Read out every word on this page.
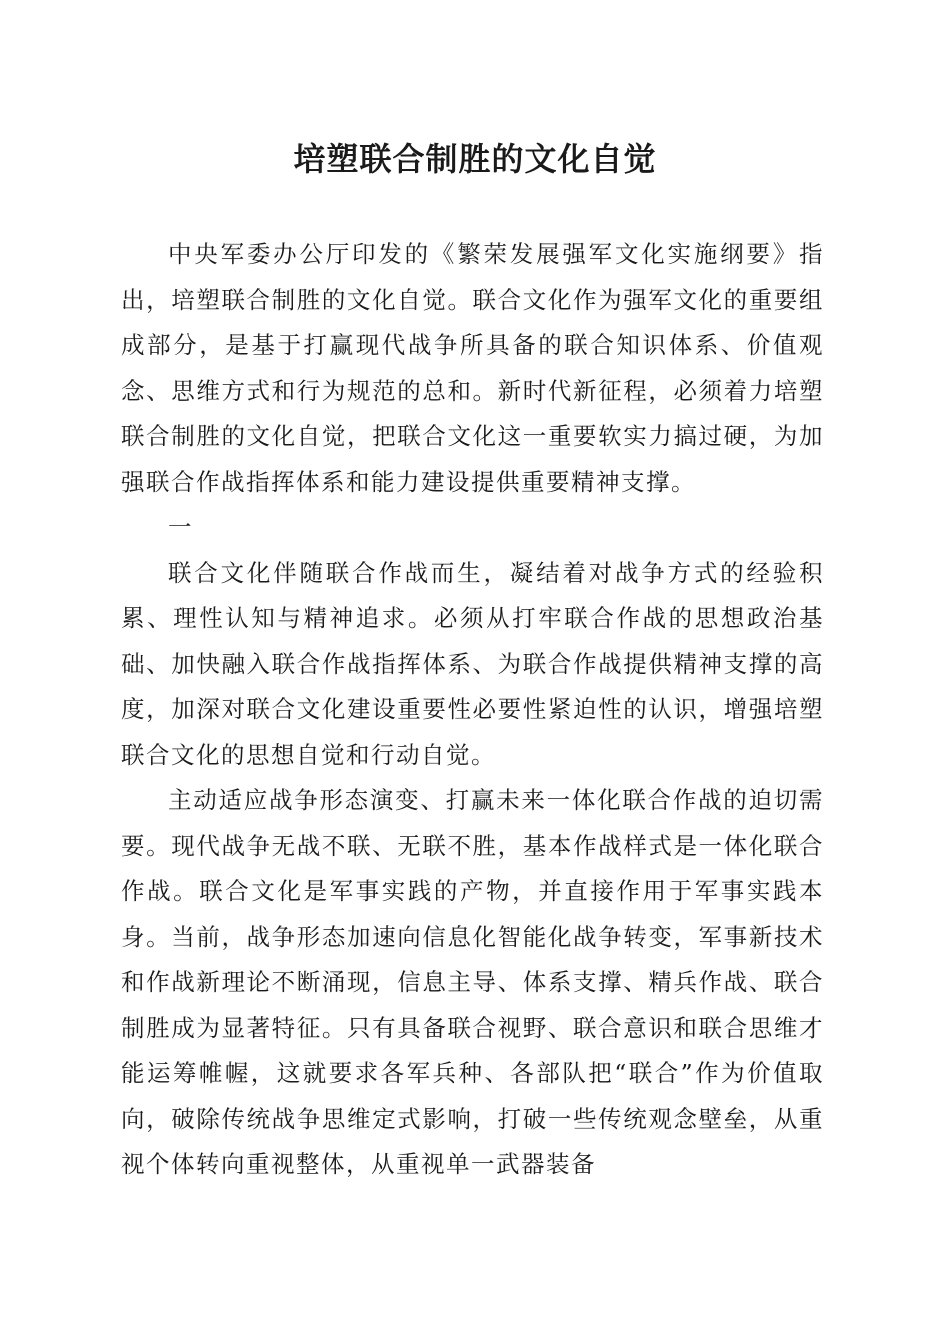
培塑联合制胜的文化自觉

中央军委办公厅印发的《繁荣发展强军文化实施纲要》指出，培塑联合制胜的文化自觉。联合文化作为强军文化的重要组成部分，是基于打赢现代战争所具备的联合知识体系、价值观念、思维方式和行为规范的总和。新时代新征程，必须着力培塑联合制胜的文化自觉，把联合文化这一重要软实力搞过硬，为加强联合作战指挥体系和能力建设提供重要精神支撑。

一

联合文化伴随联合作战而生，凝结着对战争方式的经验积累、理性认知与精神追求。必须从打牢联合作战的思想政治基础、加快融入联合作战指挥体系、为联合作战提供精神支撑的高度，加深对联合文化建设重要性必要性紧迫性的认识，增强培塑联合文化的思想自觉和行动自觉。

主动适应战争形态演变、打赢未来一体化联合作战的迫切需要。现代战争无战不联、无联不胜，基本作战样式是一体化联合作战。联合文化是军事实践的产物，并直接作用于军事实践本身。当前，战争形态加速向信息化智能化战争转变，军事新技术和作战新理论不断涌现，信息主导、体系支撑、精兵作战、联合制胜成为显著特征。只有具备联合视野、联合意识和联合思维才能运筹帷幄，这就要求各军兵种、各部队把“联合”作为价值取向，破除传统战争思维定式影响，打破一些传统观念壁垒，从重视个体转向重视整体，从重视单一武器装备
